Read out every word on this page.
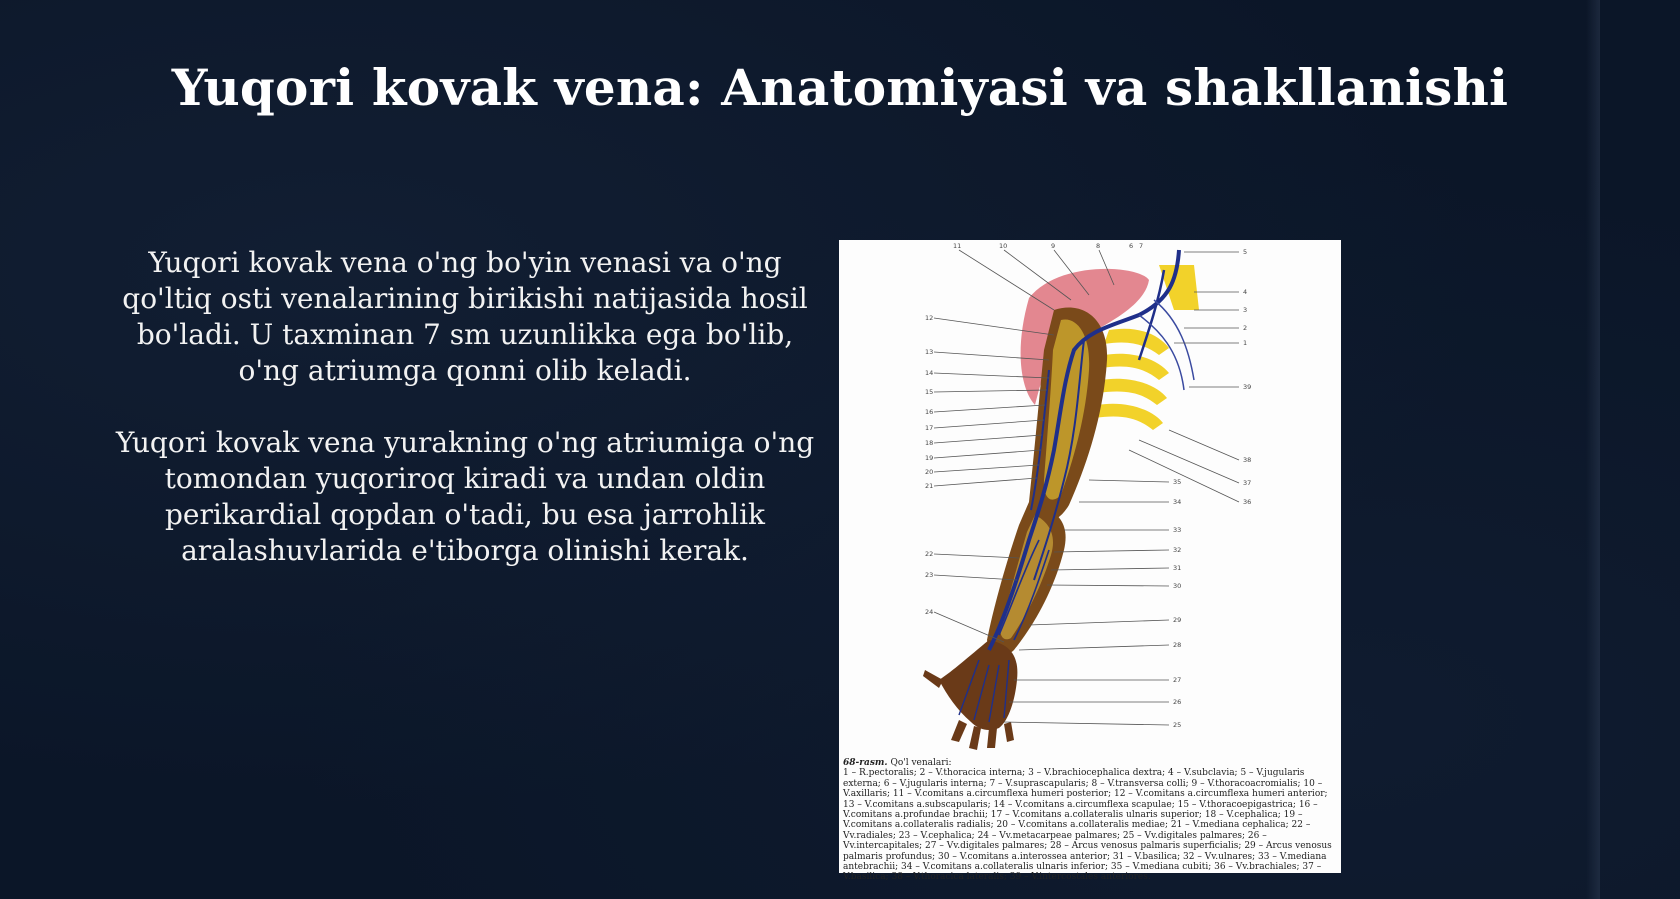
Yuqori kovak vena: Anatomiyasi va shakllanishi

Yuqori kovak vena o'ng bo'yin venasi va o'ng qo'ltiq osti venalarining birikishi natijasida hosil bo'ladi. U taxminan 7 sm uzunlikka ega bo'lib, o'ng atriumga qonni olib keladi.

Yuqori kovak vena yurakning o'ng atriumiga o'ng tomondan yuqoriroq kiradi va undan oldin perikardial qopdan o'tadi, bu esa jarrohlik aralashuvlarida e'tiborga olinishi kerak.

11	10	9	8	6 7
12
13
14
15
16
17
18
19
20
21
22
23
24
5
4
3
2
1
39
38
37
36
35
34
33
32
31
30
29
28
27
26
25
68-rasm. Qo'l venalari:
1 – R.pectoralis; 2 – V.thoracica interna; 3 – V.brachiocephalica dextra; 4 – V.subclavia; 5 – V.jugularis externa; 6 – V.jugularis interna; 7 – V.suprascapularis; 8 – V.transversa colli; 9 – V.thoracoacromialis; 10 – V.axillaris; 11 – V.comitans a.circumflexa humeri posterior; 12 – V.comitans a.circumflexa humeri anterior; 13 – V.comitans a.subscapularis; 14 – V.comitans a.circumflexa scapulae; 15 – V.thoracoepigastrica; 16 – V.comitans a.profundae brachii; 17 – V.comitans a.collateralis ulnaris superior; 18 – V.cephalica; 19 – V.comitans a.collateralis radialis; 20 – V.comitans a.collateralis mediae; 21 – V.mediana cephalica; 22 – Vv.radiales; 23 – V.cephalica; 24 – Vv.metacarpeae palmares; 25 – Vv.digitales palmares; 26 – Vv.intercapitales; 27 – Vv.digitales palmares; 28 – Arcus venosus palmaris superficialis; 29 – Arcus venosus palmaris profundus; 30 – V.comitans a.interossea anterior; 31 – V.basilica; 32 – Vv.ulnares; 33 – V.mediana antebrachii; 34 – V.comitans a.collateralis ulnaris inferior; 35 – V.mediana cubiti; 36 – Vv.brachiales; 37 – V.basilica; 38 – V.thoracica lateralis; 39 – V.intercostales anteriores.
